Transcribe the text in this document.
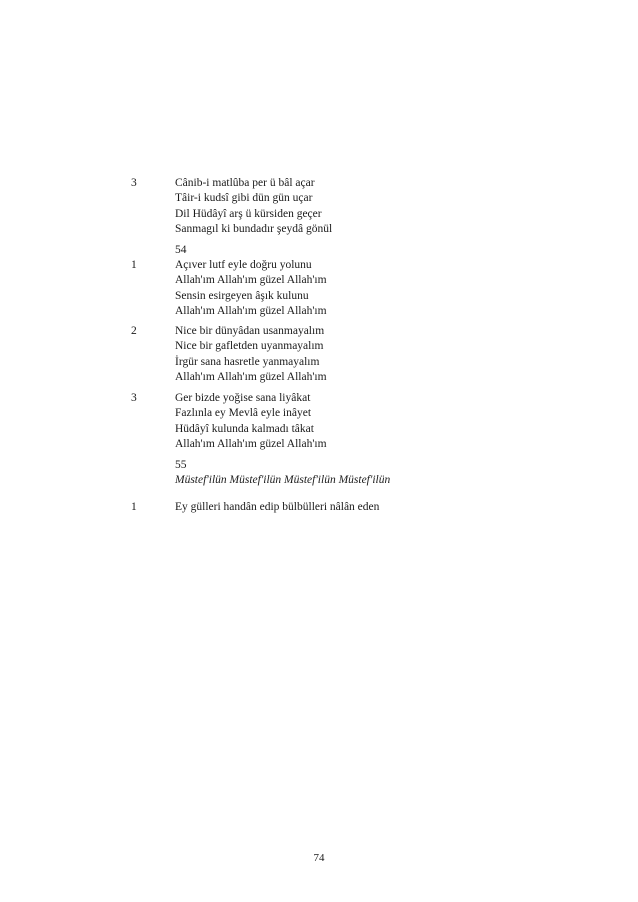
3	Cânib-i matlûba per ü bâl açar
Tâir-i kudsî gibi dün gün uçar
Dil Hüdâyî arş ü kürsiden geçer
Sanmagıl ki bundadır şeydâ gönül
54
1	Açıver lutf eyle doğru yolunu
Allah'ım Allah'ım güzel Allah'ım
Sensin esirgeyen âşık kulunu
Allah'ım Allah'ım güzel Allah'ım
2	Nice bir dünyâdan usanmayalım
Nice bir gafletden uyanmayalım
İrgür sana hasretle yanmayalım
Allah'ım Allah'ım güzel Allah'ım
3	Ger bizde yoğise sana liyâkat
Fazlınla ey Mevlâ eyle inâyet
Hüdâyî kulunda kalmadı tâkat
Allah'ım Allah'ım güzel Allah'ım
55
Müstef'ilün Müstef'ilün Müstef'ilün Müstef'ilün
1	Ey gülleri handân edip bülbülleri nâlân eden
74
